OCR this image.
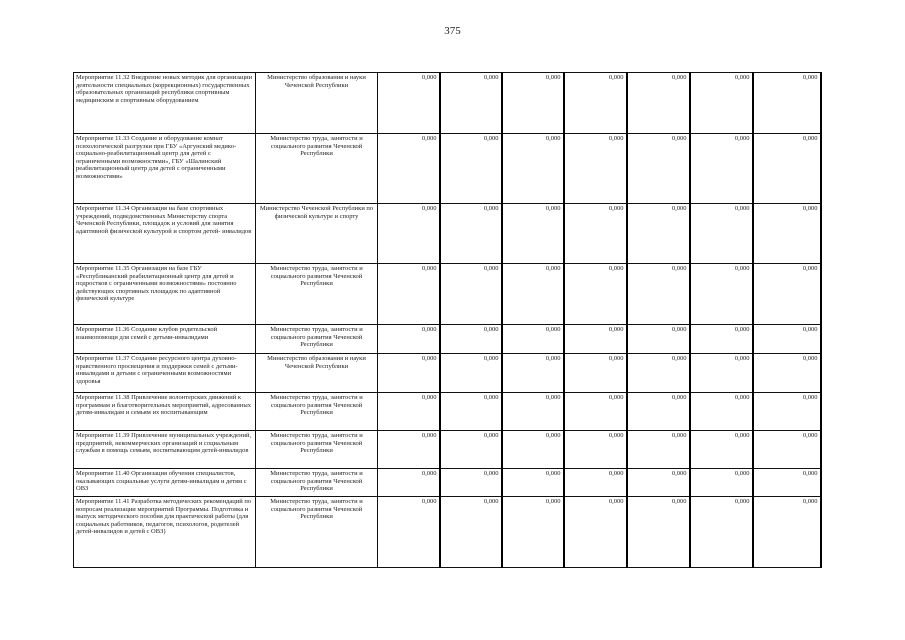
375
Мероприятие 11.32 Внедрение новых методик для организации деятельности специальных (коррекционных) государственных образовательных организаций республики спортивным медицинским и спортивным оборудованием	Министерство образования и науки Чеченской Республики	0,000	0,000	0,000	0,000	0,000	0,000	0,000
Мероприятие 11.33 Создание и оборудование комнат психологической разгрузки при ГБУ «Аргунский медико-социально-реабилитационный центр для детей с ограниченными возможностями», ГБУ «Шалинский реабилитационный центр для детей с ограниченными возможностями»	Министерство труда, занятости и социального развития Чеченской Республики	0,000	0,000	0,000	0,000	0,000	0,000	0,000
Мероприятие 11.34 Организация на базе спортивных учреждений, подведомственных Министерству спорта Чеченской Республики, площадок и условий для занятия адаптивной физической культурой и спортом детей- инвалидов	Министерство Чеченской Республики по физической культуре и спорту	0,000	0,000	0,000	0,000	0,000	0,000	0,000
Мероприятие 11.35 Организация на базе ГБУ «Республиканский реабилитационный центр для детей и подростков с ограниченными возможностями» постоянно действующих спортивных площадок по адаптивной физической культуре	Министерство труда, занятости и социального развития Чеченской Республики	0,000	0,000	0,000	0,000	0,000	0,000	0,000
Мероприятие 11.36 Создание клубов родительской взаимопомощи для семей с детьми-инвалидами	Министерство труда, занятости и социального развития Чеченской Республики	0,000	0,000	0,000	0,000	0,000	0,000	0,000
Мероприятие 11.37 Создание ресурсного центра духовно-нравственного просвещения и поддержки семей с детьми-инвалидами и детьми с ограниченными возможностями здоровья	Министерство образования и науки Чеченской Республики	0,000	0,000	0,000	0,000	0,000	0,000	0,000
Мероприятие 11.38 Привлечение волонтерских движений к программам и благотворительных мероприятий, адресованных детям-инвалидам и семьям их воспитывающим	Министерство труда, занятости и социального развития Чеченской Республики	0,000	0,000	0,000	0,000	0,000	0,000	0,000
Мероприятие 11.39 Привлечение муниципальных учреждений, предприятий, некоммерческих организаций и социальным службам в помощь семьям, воспитывающим детей-инвалидов	Министерство труда, занятости и социального развития Чеченской Республики	0,000	0,000	0,000	0,000	0,000	0,000	0,000
Мероприятие 11.40 Организация обучения специалистов, оказывающих социальные услуги детям-инвалидам и детям с ОВЗ	Министерство труда, занятости и социального развития Чеченской Республики	0,000	0,000	0,000	0,000	0,000	0,000	0,000
Мероприятие 11.41 Разработка методических рекомендаций по вопросам реализации мероприятий Программы. Подготовка и выпуск методического пособия для практической работы (для социальных работников, педагогов, психологов, родителей детей-инвалидов и детей с ОВЗ)	Министерство труда, занятости и социального развития Чеченской Республики	0,000	0,000	0,000	0,000	0,000	0,000	0,000
